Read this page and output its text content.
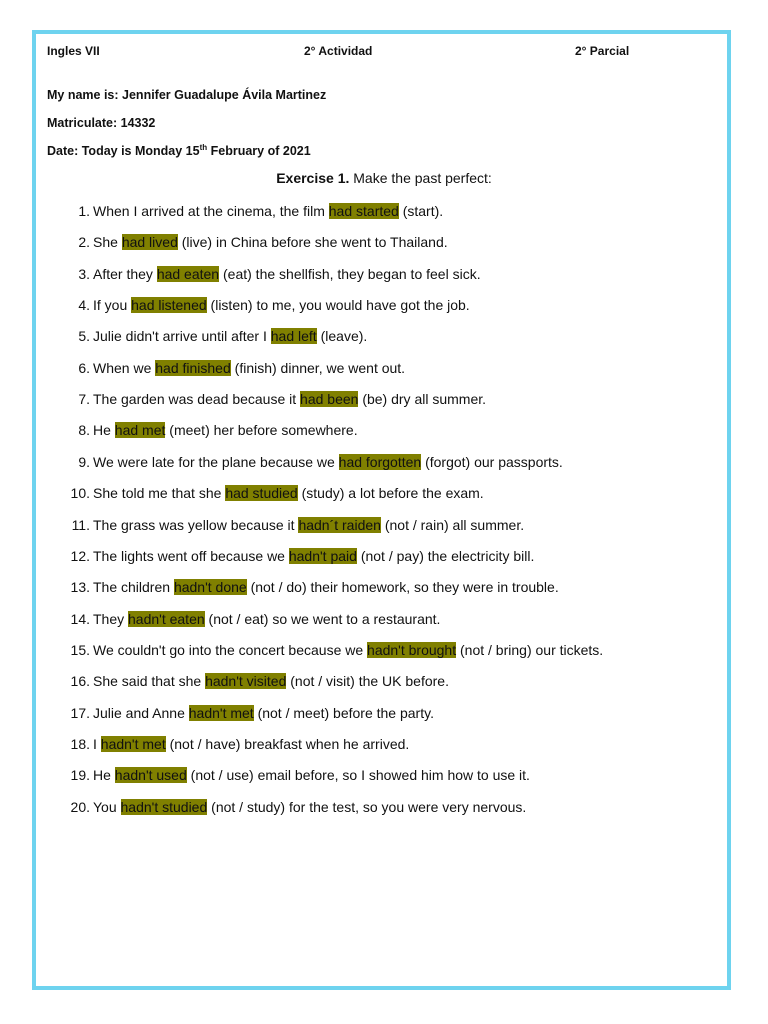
Ingles VII	2° Actividad	2° Parcial
My name is: Jennifer Guadalupe Ávila Martinez
Matriculate: 14332
Date: Today is Monday 15th February of 2021
Exercise 1. Make the past perfect:
1. When I arrived at the cinema, the film had started (start).
2. She had lived (live) in China before she went to Thailand.
3. After they had eaten (eat) the shellfish, they began to feel sick.
4. If you had listened (listen) to me, you would have got the job.
5. Julie didn't arrive until after I had left (leave).
6. When we had finished (finish) dinner, we went out.
7. The garden was dead because it had been (be) dry all summer.
8. He had met (meet) her before somewhere.
9. We were late for the plane because we had forgotten (forgot) our passports.
10. She told me that she had studied (study) a lot before the exam.
11. The grass was yellow because it hadn´t raiden (not / rain) all summer.
12. The lights went off because we hadn't paid (not / pay) the electricity bill.
13. The children hadn't done (not / do) their homework, so they were in trouble.
14. They hadn't eaten (not / eat) so we went to a restaurant.
15. We couldn't go into the concert because we hadn't brought (not / bring) our tickets.
16. She said that she hadn't visited (not / visit) the UK before.
17. Julie and Anne hadn't met (not / meet) before the party.
18. I hadn't met (not / have) breakfast when he arrived.
19. He hadn't used (not / use) email before, so I showed him how to use it.
20. You hadn't studied (not / study) for the test, so you were very nervous.
